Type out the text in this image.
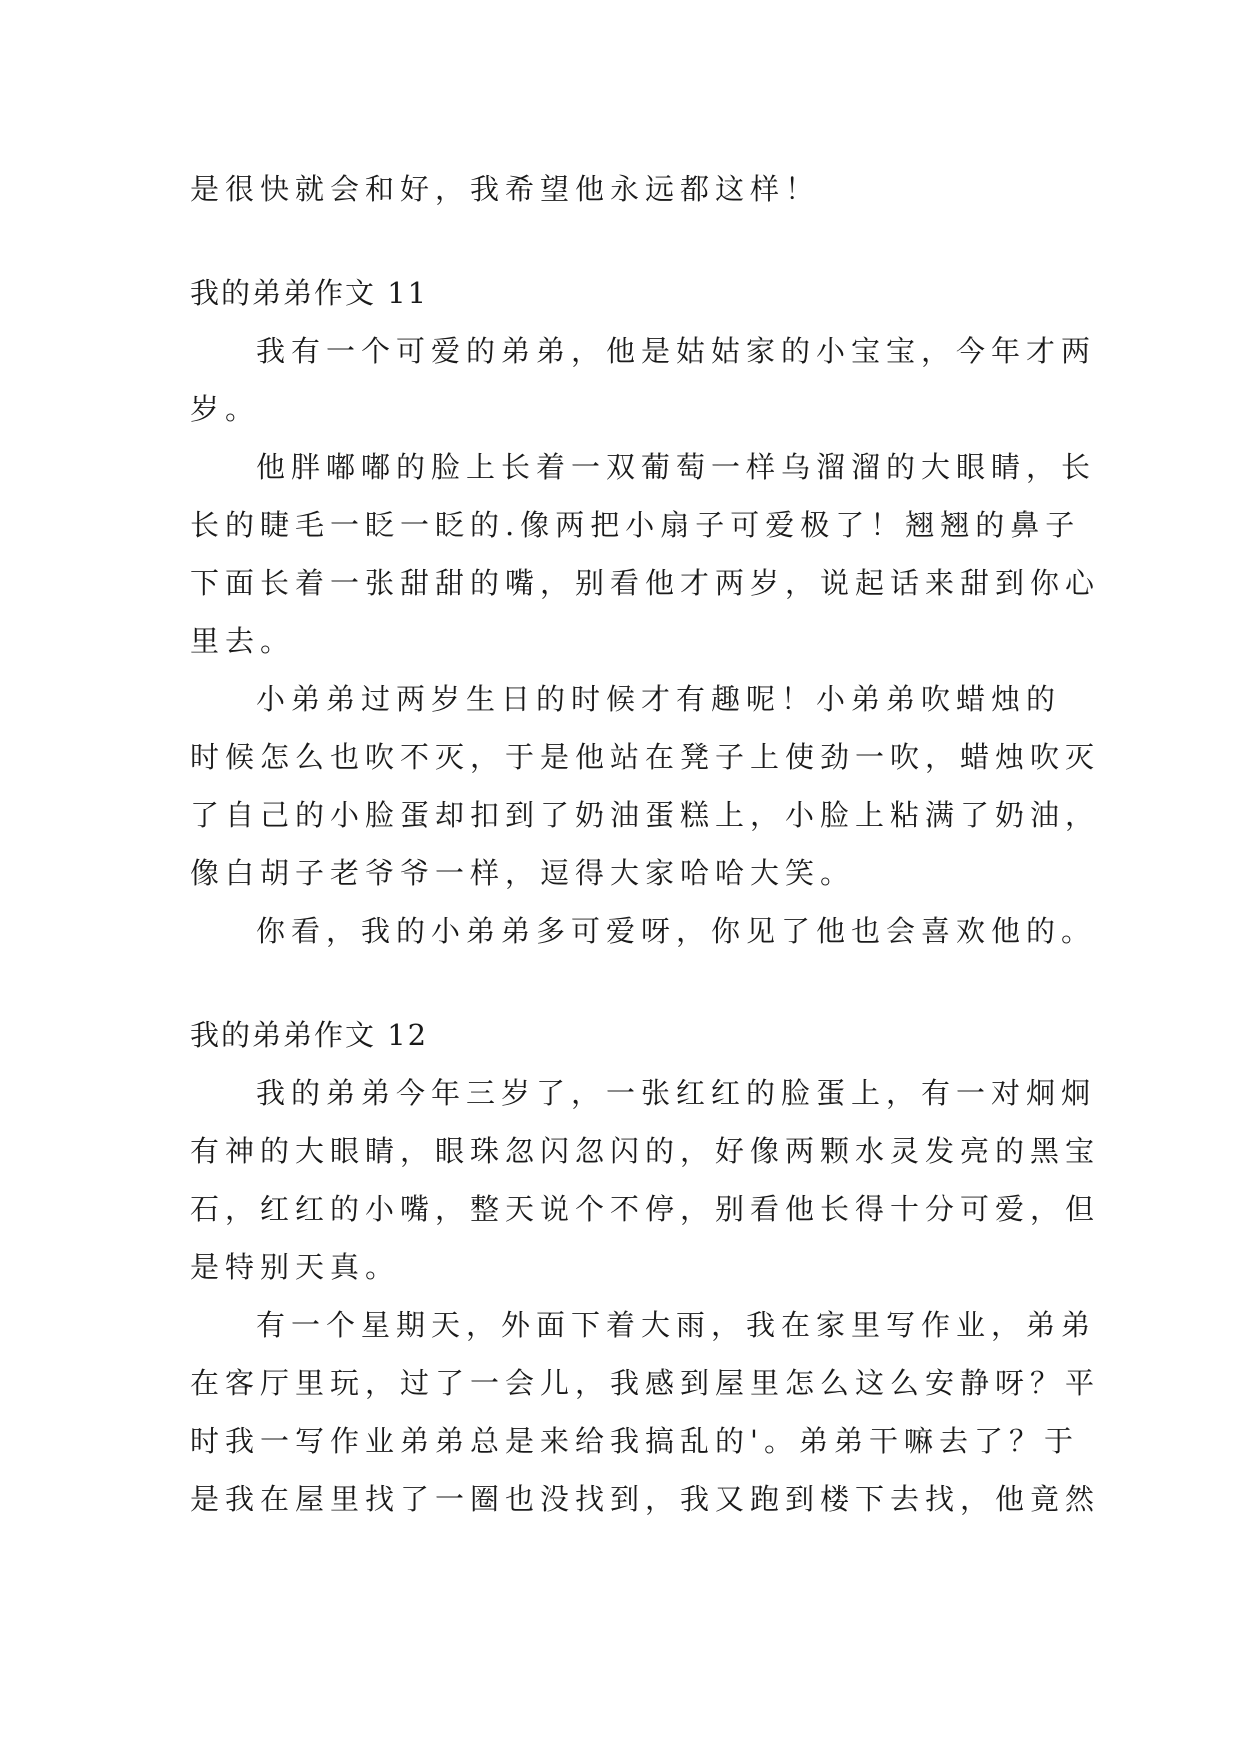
是很快就会和好，我希望他永远都这样！
我的弟弟作文 11
我有一个可爱的弟弟，他是姑姑家的小宝宝，今年才两
岁。
他胖嘟嘟的脸上长着一双葡萄一样乌溜溜的大眼睛，长
长的睫毛一眨一眨的.像两把小扇子可爱极了！翘翘的鼻子
下面长着一张甜甜的嘴，别看他才两岁，说起话来甜到你心
里去。
小弟弟过两岁生日的时候才有趣呢！小弟弟吹蜡烛的
时候怎么也吹不灭，于是他站在凳子上使劲一吹，蜡烛吹灭
了自己的小脸蛋却扣到了奶油蛋糕上，小脸上粘满了奶油，
像白胡子老爷爷一样，逗得大家哈哈大笑。
你看，我的小弟弟多可爱呀，你见了他也会喜欢他的。
我的弟弟作文 12
我的弟弟今年三岁了，一张红红的脸蛋上，有一对炯炯
有神的大眼睛，眼珠忽闪忽闪的，好像两颗水灵发亮的黑宝
石，红红的小嘴，整天说个不停，别看他长得十分可爱，但
是特别天真。
有一个星期天，外面下着大雨，我在家里写作业，弟弟
在客厅里玩，过了一会儿，我感到屋里怎么这么安静呀？平
时我一写作业弟弟总是来给我搞乱的'。弟弟干嘛去了？于
是我在屋里找了一圈也没找到，我又跑到楼下去找，他竟然
